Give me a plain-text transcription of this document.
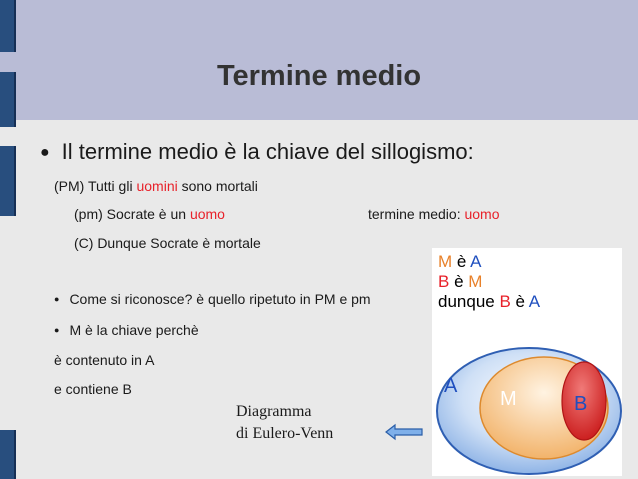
Termine medio
● Il termine medio è la chiave del sillogismo:
(PM) Tutti gli uomini sono mortali
(pm) Socrate è un uomo	termine medio: uomo
(C) Dunque Socrate è mortale
● Come si riconosce? è quello ripetuto in PM e pm
● M è la chiave perchè
è contenuto in A
e contiene B
Diagramma
di Eulero-Venn
A
M	B
M è A
B è M
dunque B è A
